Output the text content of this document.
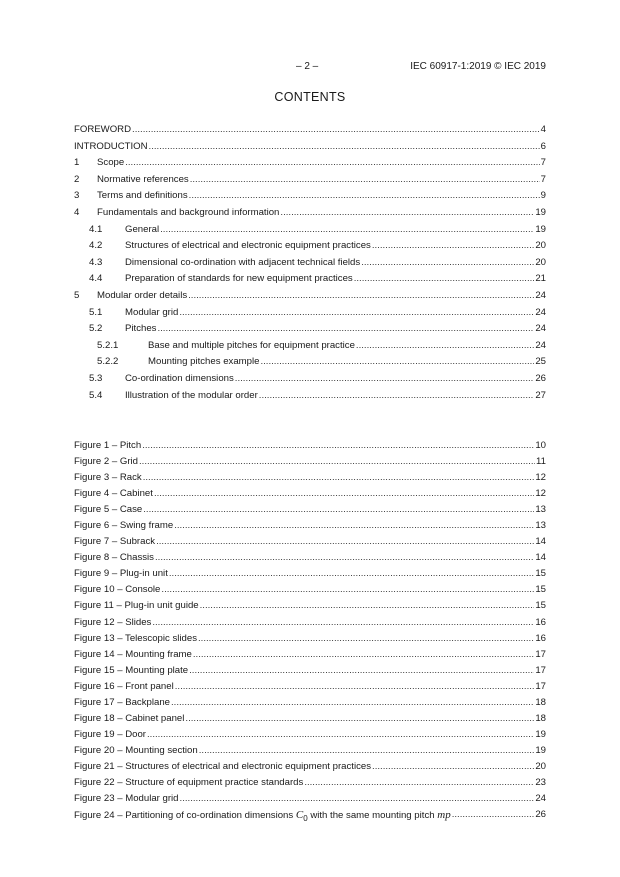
– 2 –	IEC 60917-1:2019 © IEC 2019
CONTENTS
FOREWORD .....	4
INTRODUCTION .....	6
1 Scope .....	7
2 Normative references .....	7
3 Terms and definitions .....	9
4 Fundamentals and background information .....	19
4.1 General .....	19
4.2 Structures of electrical and electronic equipment practices .....	20
4.3 Dimensional co-ordination with adjacent technical fields .....	20
4.4 Preparation of standards for new equipment practices .....	21
5 Modular order details .....	24
5.1 Modular grid .....	24
5.2 Pitches .....	24
5.2.1	Base and multiple pitches for equipment practice .....	24
5.2.2	Mounting pitches example .....	25
5.3 Co-ordination dimensions .....	26
5.4 Illustration of the modular order .....	27
Figure 1 – Pitch .....	10
Figure 2 – Grid .....	11
Figure 3 – Rack .....	12
Figure 4 – Cabinet .....	12
Figure 5 – Case .....	13
Figure 6 – Swing frame .....	13
Figure 7 – Subrack .....	14
Figure 8 – Chassis .....	14
Figure 9 – Plug-in unit .....	15
Figure 10 – Console .....	15
Figure 11 – Plug-in unit guide .....	15
Figure 12 – Slides .....	16
Figure 13 – Telescopic slides .....	16
Figure 14 – Mounting frame .....	17
Figure 15 – Mounting plate .....	17
Figure 16 – Front panel .....	17
Figure 17 – Backplane .....	18
Figure 18 – Cabinet panel .....	18
Figure 19 – Door .....	19
Figure 20 – Mounting section .....	19
Figure 21 – Structures of electrical and electronic equipment practices .....	20
Figure 22 – Structure of equipment practice standards .....	23
Figure 23 – Modular grid .....	24
Figure 24 – Partitioning of co-ordination dimensions $C_0$ with the same mounting pitch mp .....	26
